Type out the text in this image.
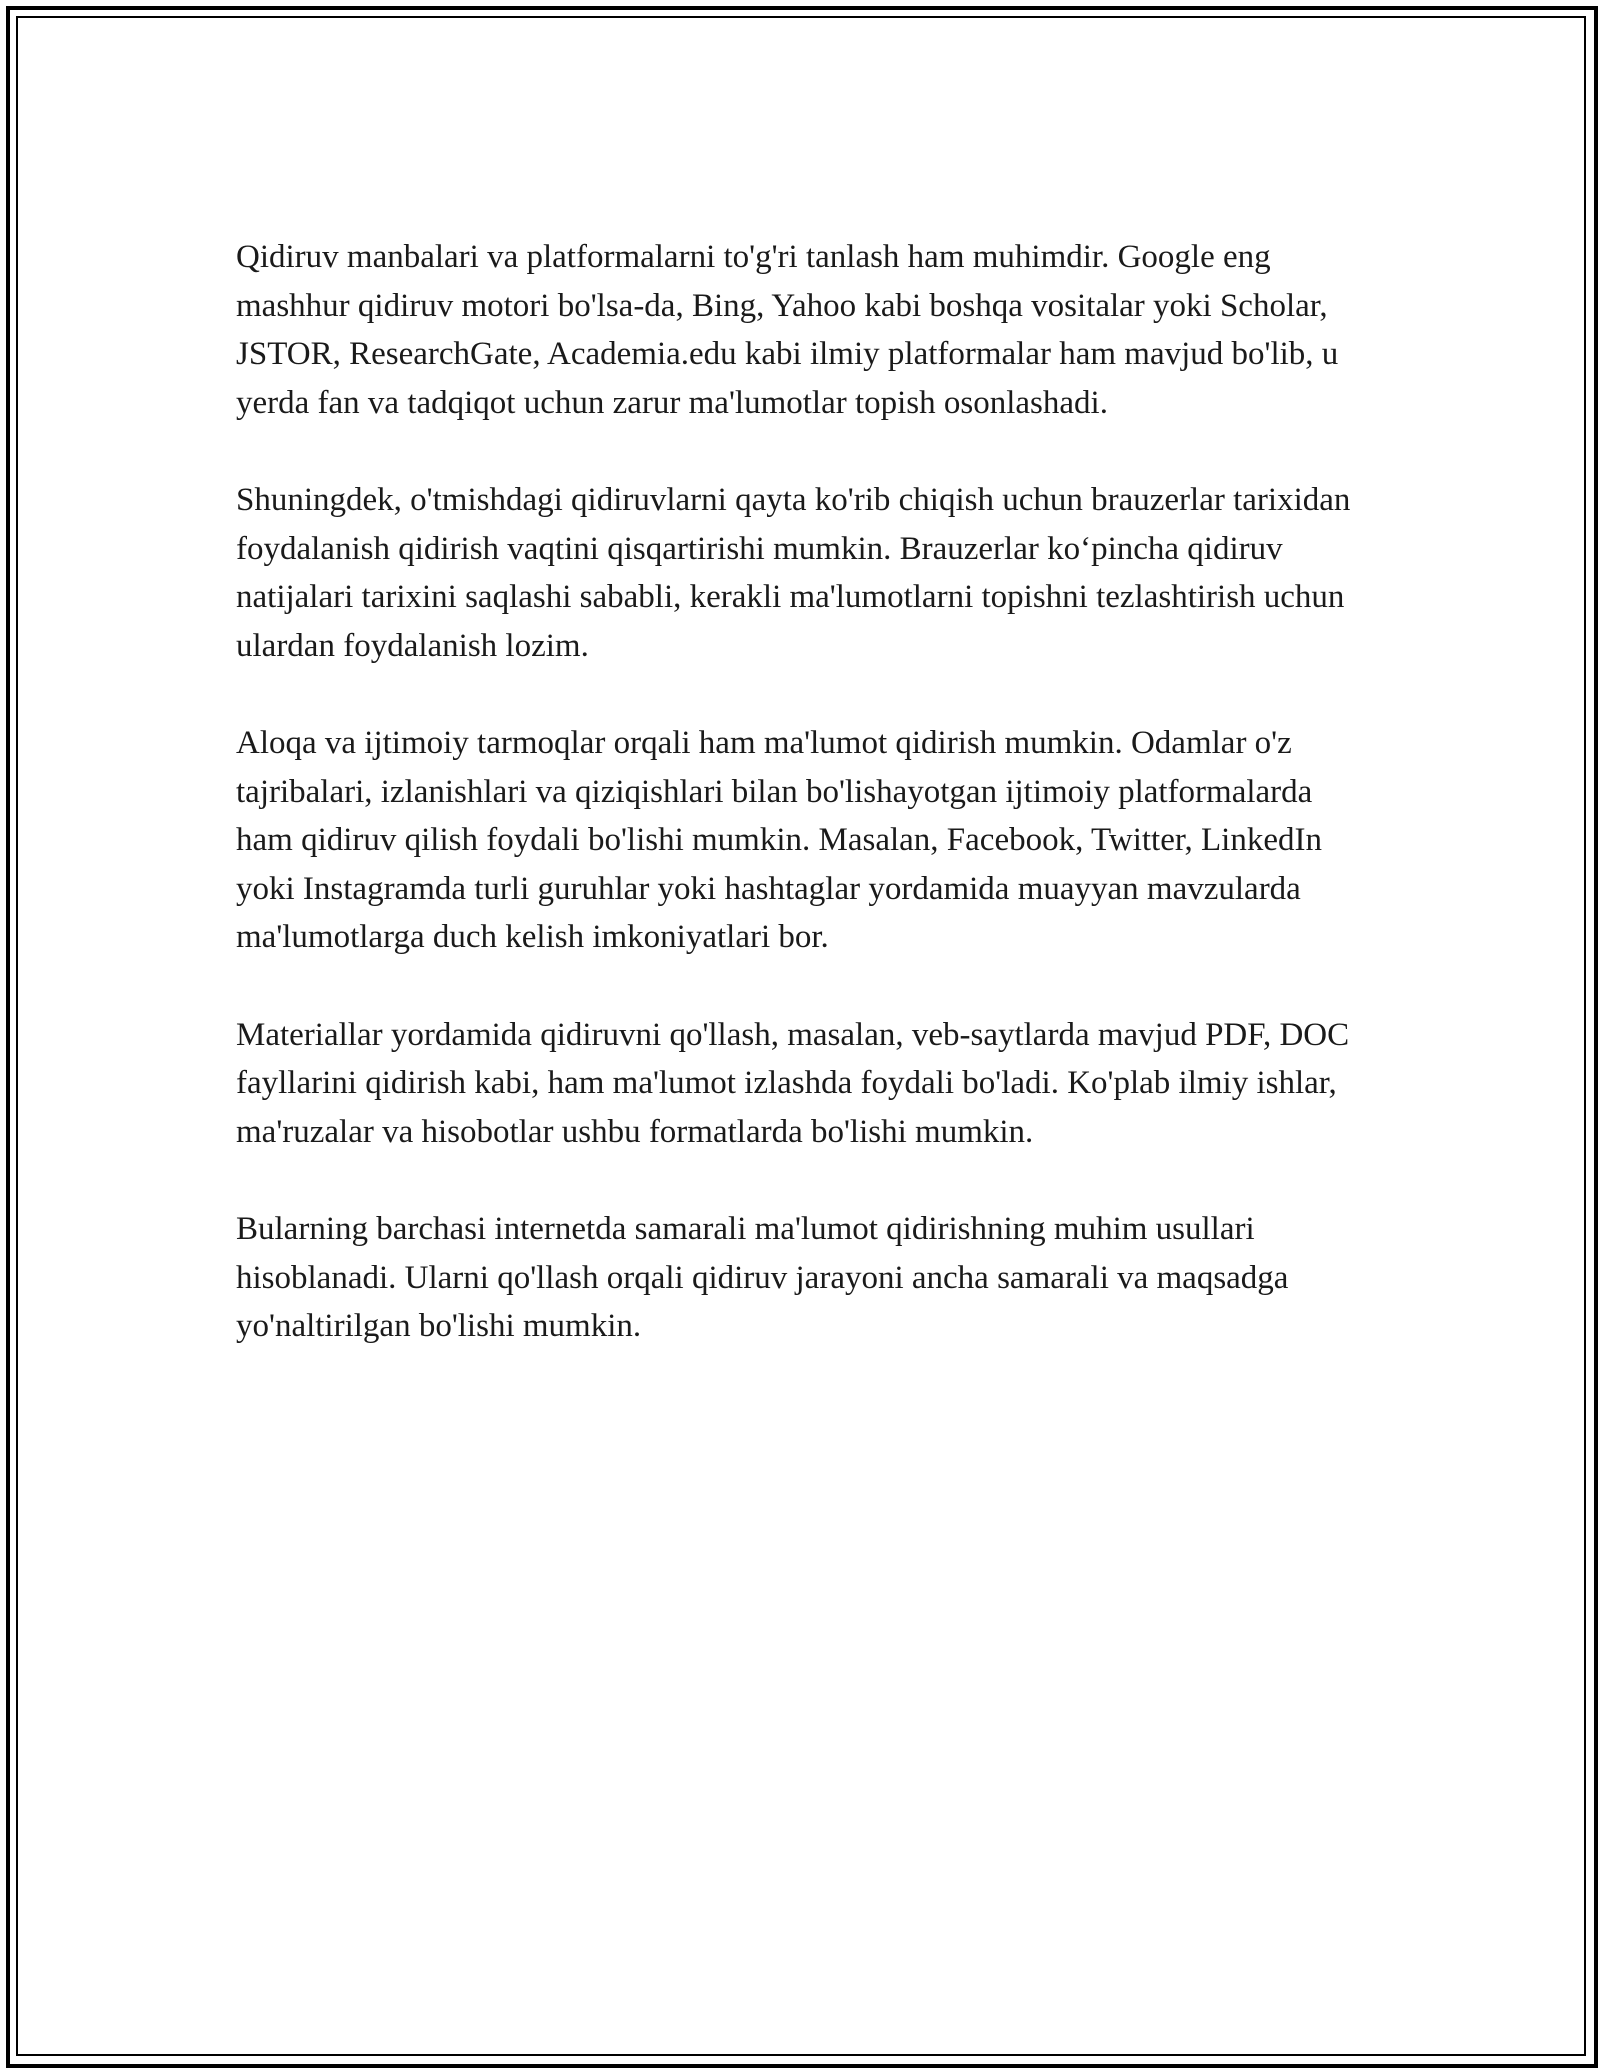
Qidiruv manbalari va platformalarni to'g'ri tanlash ham muhimdir. Google eng mashhur qidiruv motori bo'lsa-da, Bing, Yahoo kabi boshqa vositalar yoki Scholar, JSTOR, ResearchGate, Academia.edu kabi ilmiy platformalar ham mavjud bo'lib, u yerda fan va tadqiqot uchun zarur ma'lumotlar topish osonlashadi.

Shuningdek, o'tmishdagi qidiruvlarni qayta ko'rib chiqish uchun brauzerlar tarixidan foydalanish qidirish vaqtini qisqartirishi mumkin. Brauzerlar ko‘pincha qidiruv natijalari tarixini saqlashi sababli, kerakli ma'lumotlarni topishni tezlashtirish uchun ulardan foydalanish lozim.

Aloqa va ijtimoiy tarmoqlar orqali ham ma'lumot qidirish mumkin. Odamlar o'z tajribalari, izlanishlari va qiziqishlari bilan bo'lishayotgan ijtimoiy platformalarda ham qidiruv qilish foydali bo'lishi mumkin. Masalan, Facebook, Twitter, LinkedIn yoki Instagramda turli guruhlar yoki hashtaglar yordamida muayyan mavzularda ma'lumotlarga duch kelish imkoniyatlari bor.

Materiallar yordamida qidiruvni qo'llash, masalan, veb-saytlarda mavjud PDF, DOC fayllarini qidirish kabi, ham ma'lumot izlashda foydali bo'ladi. Ko'plab ilmiy ishlar, ma'ruzalar va hisobotlar ushbu formatlarda bo'lishi mumkin.

Bularning barchasi internetda samarali ma'lumot qidirishning muhim usullari hisoblanadi. Ularni qo'llash orqali qidiruv jarayoni ancha samarali va maqsadga yo'naltirilgan bo'lishi mumkin.
